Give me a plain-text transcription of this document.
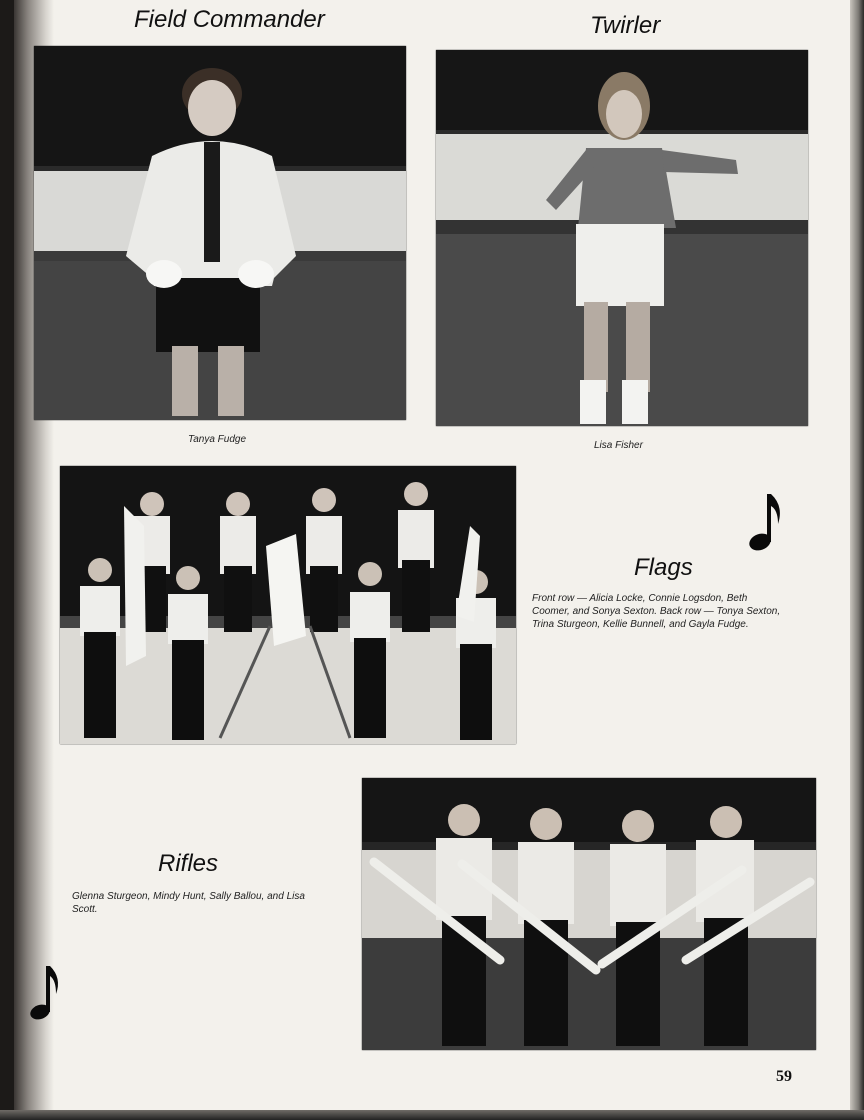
Field Commander
Tanya Fudge
Twirler
Lisa Fisher
Flags
Front row — Alicia Locke, Connie Logsdon, Beth Coomer, and Sonya Sexton. Back row — Tonya Sexton, Trina Sturgeon, Kellie Bunnell, and Gayla Fudge.
Rifles
Glenna Sturgeon, Mindy Hunt, Sally Ballou, and Lisa Scott.
59
